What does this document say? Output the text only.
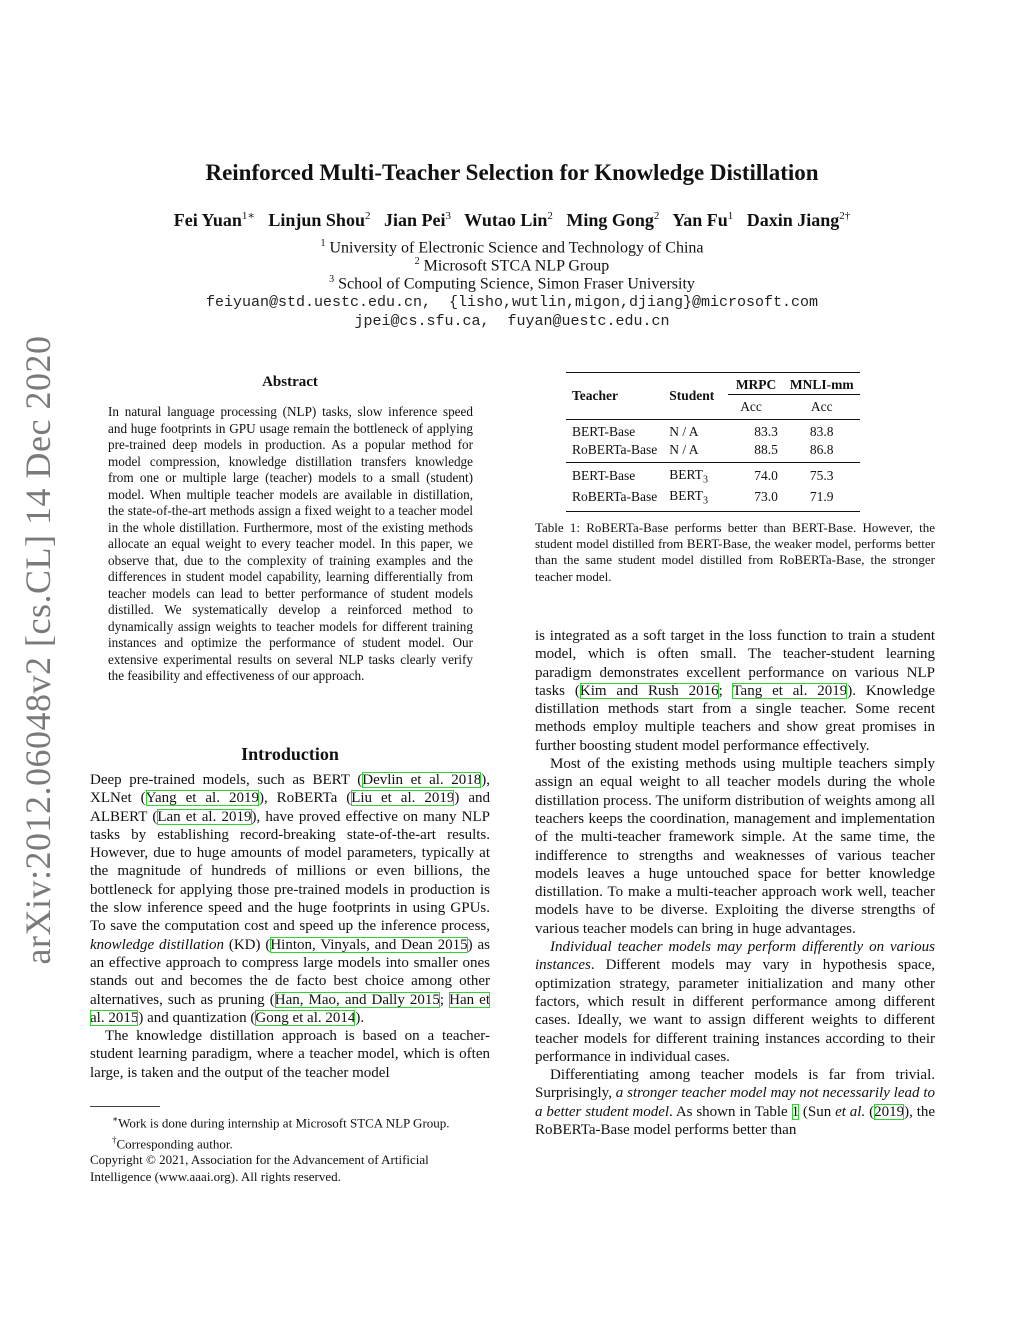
arXiv:2012.06048v2 [cs.CL] 14 Dec 2020
Reinforced Multi-Teacher Selection for Knowledge Distillation
Fei Yuan$^{1∗}$ Linjun Shou$^2$ Jian Pei$^3$ Wutao Lin$^2$ Ming Gong$^2$ Yan Fu$^1$ Daxin Jiang$^{2\dagger}$
$^1$ University of Electronic Science and Technology of China
$^2$ Microsoft STCA NLP Group
$^3$ School of Computing Science, Simon Fraser University
feiyuan@std.uestc.edu.cn,  {lisho,wutlin,migon,djiang}@microsoft.com
jpei@cs.sfu.ca,  fuyan@uestc.edu.cn
Abstract
In natural language processing (NLP) tasks, slow inference speed and huge footprints in GPU usage remain the bottleneck of applying pre-trained deep models in production. As a popular method for model compression, knowledge distillation transfers knowledge from one or multiple large (teacher) models to a small (student) model. When multiple teacher models are available in distillation, the state-of-the-art methods assign a fixed weight to a teacher model in the whole distillation. Furthermore, most of the existing methods allocate an equal weight to every teacher model. In this paper, we observe that, due to the complexity of training examples and the differences in student model capability, learning differentially from teacher models can lead to better performance of student models distilled. We systematically develop a reinforced method to dynamically assign weights to teacher models for different training instances and optimize the performance of student model. Our extensive experimental results on several NLP tasks clearly verify the feasibility and effectiveness of our approach.
Introduction

Deep pre-trained models, such as BERT (Devlin et al. 2018), XLNet (Yang et al. 2019), RoBERTa (Liu et al. 2019) and ALBERT (Lan et al. 2019), have proved effective on many NLP tasks by establishing record-breaking state-of-the-art results. However, due to huge amounts of model parameters, typically at the magnitude of hundreds of millions or even billions, the bottleneck for applying those pre-trained models in production is the slow inference speed and the huge footprints in using GPUs. To save the computation cost and speed up the inference process, knowledge distillation (KD) (Hinton, Vinyals, and Dean 2015) as an effective approach to compress large models into smaller ones stands out and becomes the de facto best choice among other alternatives, such as pruning (Han, Mao, and Dally 2015; Han et al. 2015) and quantization (Gong et al. 2014).

The knowledge distillation approach is based on a teacher-student learning paradigm, where a teacher model, which is often large, is taken and the output of the teacher model

∗Work is done during internship at Microsoft STCA NLP Group.
†Corresponding author.
Copyright © 2021, Association for the Advancement of Artificial Intelligence (www.aaai.org). All rights reserved.
Teacher	Student	MRPC	MNLI-mm
		Acc	Acc
BERT-Base	N / A	83.3	83.8
RoBERTa-Base	N / A	88.5	86.8
BERT-Base	$BERT_3$	74.0	75.3
RoBERTa-Base	$BERT_3$	73.0	71.9
Table 1: RoBERTa-Base performs better than BERT-Base. However, the student model distilled from BERT-Base, the weaker model, performs better than the same student model distilled from RoBERTa-Base, the stronger teacher model.

is integrated as a soft target in the loss function to train a student model, which is often small. The teacher-student learning paradigm demonstrates excellent performance on various NLP tasks (Kim and Rush 2016; Tang et al. 2019). Knowledge distillation methods start from a single teacher. Some recent methods employ multiple teachers and show great promises in further boosting student model performance effectively.

Most of the existing methods using multiple teachers simply assign an equal weight to all teacher models during the whole distillation process. The uniform distribution of weights among all teachers keeps the coordination, management and implementation of the multi-teacher framework simple. At the same time, the indifference to strengths and weaknesses of various teacher models leaves a huge untouched space for better knowledge distillation. To make a multi-teacher approach work well, teacher models have to be diverse. Exploiting the diverse strengths of various teacher models can bring in huge advantages.

Individual teacher models may perform differently on various instances. Different models may vary in hypothesis space, optimization strategy, parameter initialization and many other factors, which result in different performance among different cases. Ideally, we want to assign different weights to different teacher models for different training instances according to their performance in individual cases.

Differentiating among teacher models is far from trivial. Surprisingly, a stronger teacher model may not necessarily lead to a better student model. As shown in Table 1 (Sun et al. (2019), the RoBERTa-Base model performs better than
